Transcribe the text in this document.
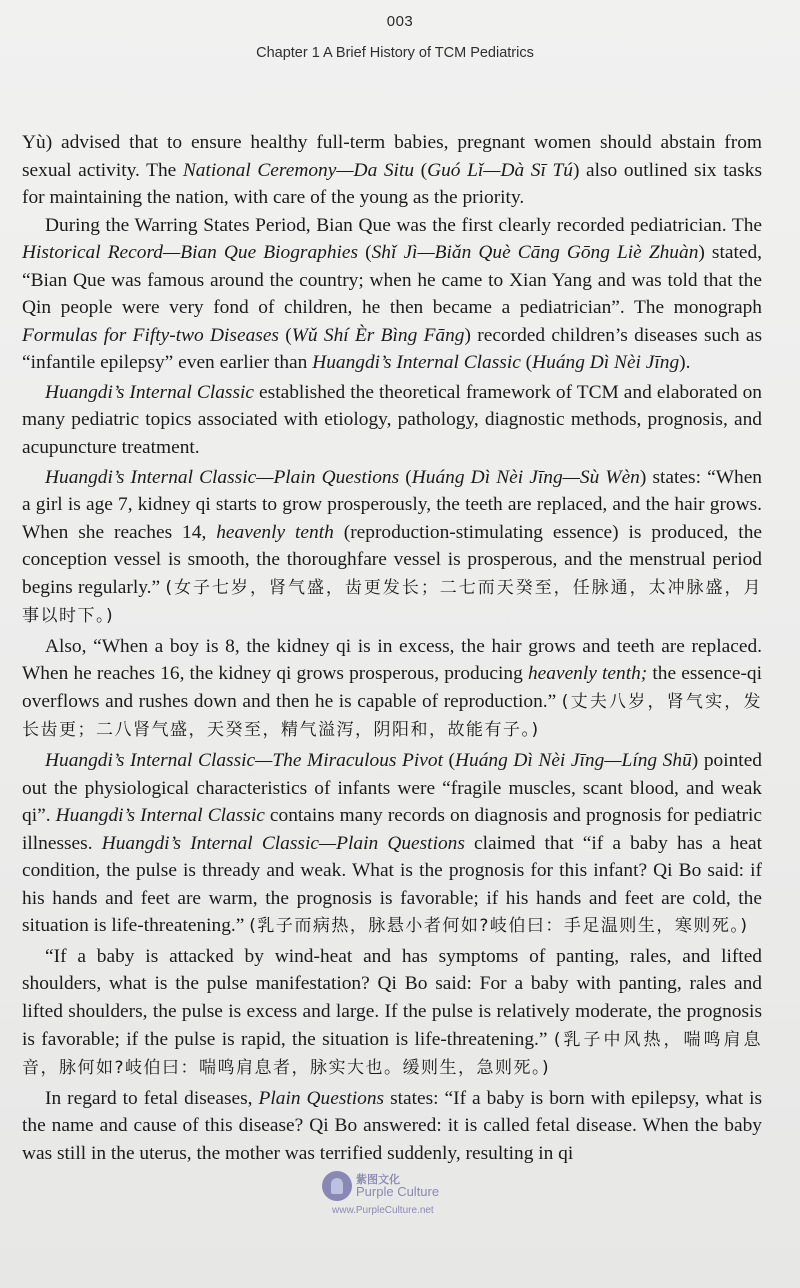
003
Chapter 1 A Brief History of TCM Pediatrics

Yù) advised that to ensure healthy full-term babies, pregnant women should abstain from sexual activity. The National Ceremony—Da Situ (Guó Lǐ—Dà Sī Tú) also outlined six tasks for maintaining the nation, with care of the young as the priority.

During the Warring States Period, Bian Que was the first clearly recorded pediatrician. The Historical Record—Bian Que Biographies (Shǐ Jì—Biǎn Què Cāng Gōng Liè Zhuàn) stated, “Bian Que was famous around the country; when he came to Xian Yang and was told that the Qin people were very fond of children, he then became a pediatrician”. The monograph Formulas for Fifty-two Diseases (Wǔ Shí Èr Bìng Fāng) recorded children’s diseases such as “infantile epilepsy” even earlier than Huangdi’s Internal Classic (Huáng Dì Nèi Jīng).

Huangdi’s Internal Classic established the theoretical framework of TCM and elaborated on many pediatric topics associated with etiology, pathology, diagnostic methods, prognosis, and acupuncture treatment.

Huangdi’s Internal Classic—Plain Questions (Huáng Dì Nèi Jīng—Sù Wèn) states: “When a girl is age 7, kidney qi starts to grow prosperously, the teeth are replaced, and the hair grows. When she reaches 14, heavenly tenth (reproduction-stimulating essence) is produced, the conception vessel is smooth, the thoroughfare vessel is prosperous, and the menstrual period begins regularly.” (女子七岁，肾气盛，齿更发长；二七而天癸至，任脉通，太冲脉盛，月事以时下。)

Also, “When a boy is 8, the kidney qi is in excess, the hair grows and teeth are replaced. When he reaches 16, the kidney qi grows prosperous, producing heavenly tenth; the essence-qi overflows and rushes down and then he is capable of reproduction.” (丈夫八岁，肾气实，发长齿更；二八肾气盛，天癸至，精气溢泻，阴阳和，故能有子。)

Huangdi’s Internal Classic—The Miraculous Pivot (Huáng Dì Nèi Jīng—Líng Shū) pointed out the physiological characteristics of infants were “fragile muscles, scant blood, and weak qi”. Huangdi’s Internal Classic contains many records on diagnosis and prognosis for pediatric illnesses. Huangdi’s Internal Classic—Plain Questions claimed that “if a baby has a heat condition, the pulse is thready and weak. What is the prognosis for this infant? Qi Bo said: if his hands and feet are warm, the prognosis is favorable; if his hands and feet are cold, the situation is life-threatening.” (乳子而病热，脉悬小者何如?岐伯曰：手足温则生，寒则死。)

“If a baby is attacked by wind-heat and has symptoms of panting, rales, and lifted shoulders, what is the pulse manifestation? Qi Bo said: For a baby with panting, rales and lifted shoulders, the pulse is excess and large. If the pulse is relatively moderate, the prognosis is favorable; if the pulse is rapid, the situation is life-threatening.” (乳子中风热，喘鸣肩息音，脉何如?岐伯曰：喘鸣肩息者，脉实大也。缓则生，急则死。)

In regard to fetal diseases, Plain Questions states: “If a baby is born with epilepsy, what is the name and cause of this disease? Qi Bo answered: it is called fetal disease. When the baby was still in the uterus, the mother was terrified suddenly, resulting in qi

紫图文化
Purple Culture
www.PurpleCulture.net
